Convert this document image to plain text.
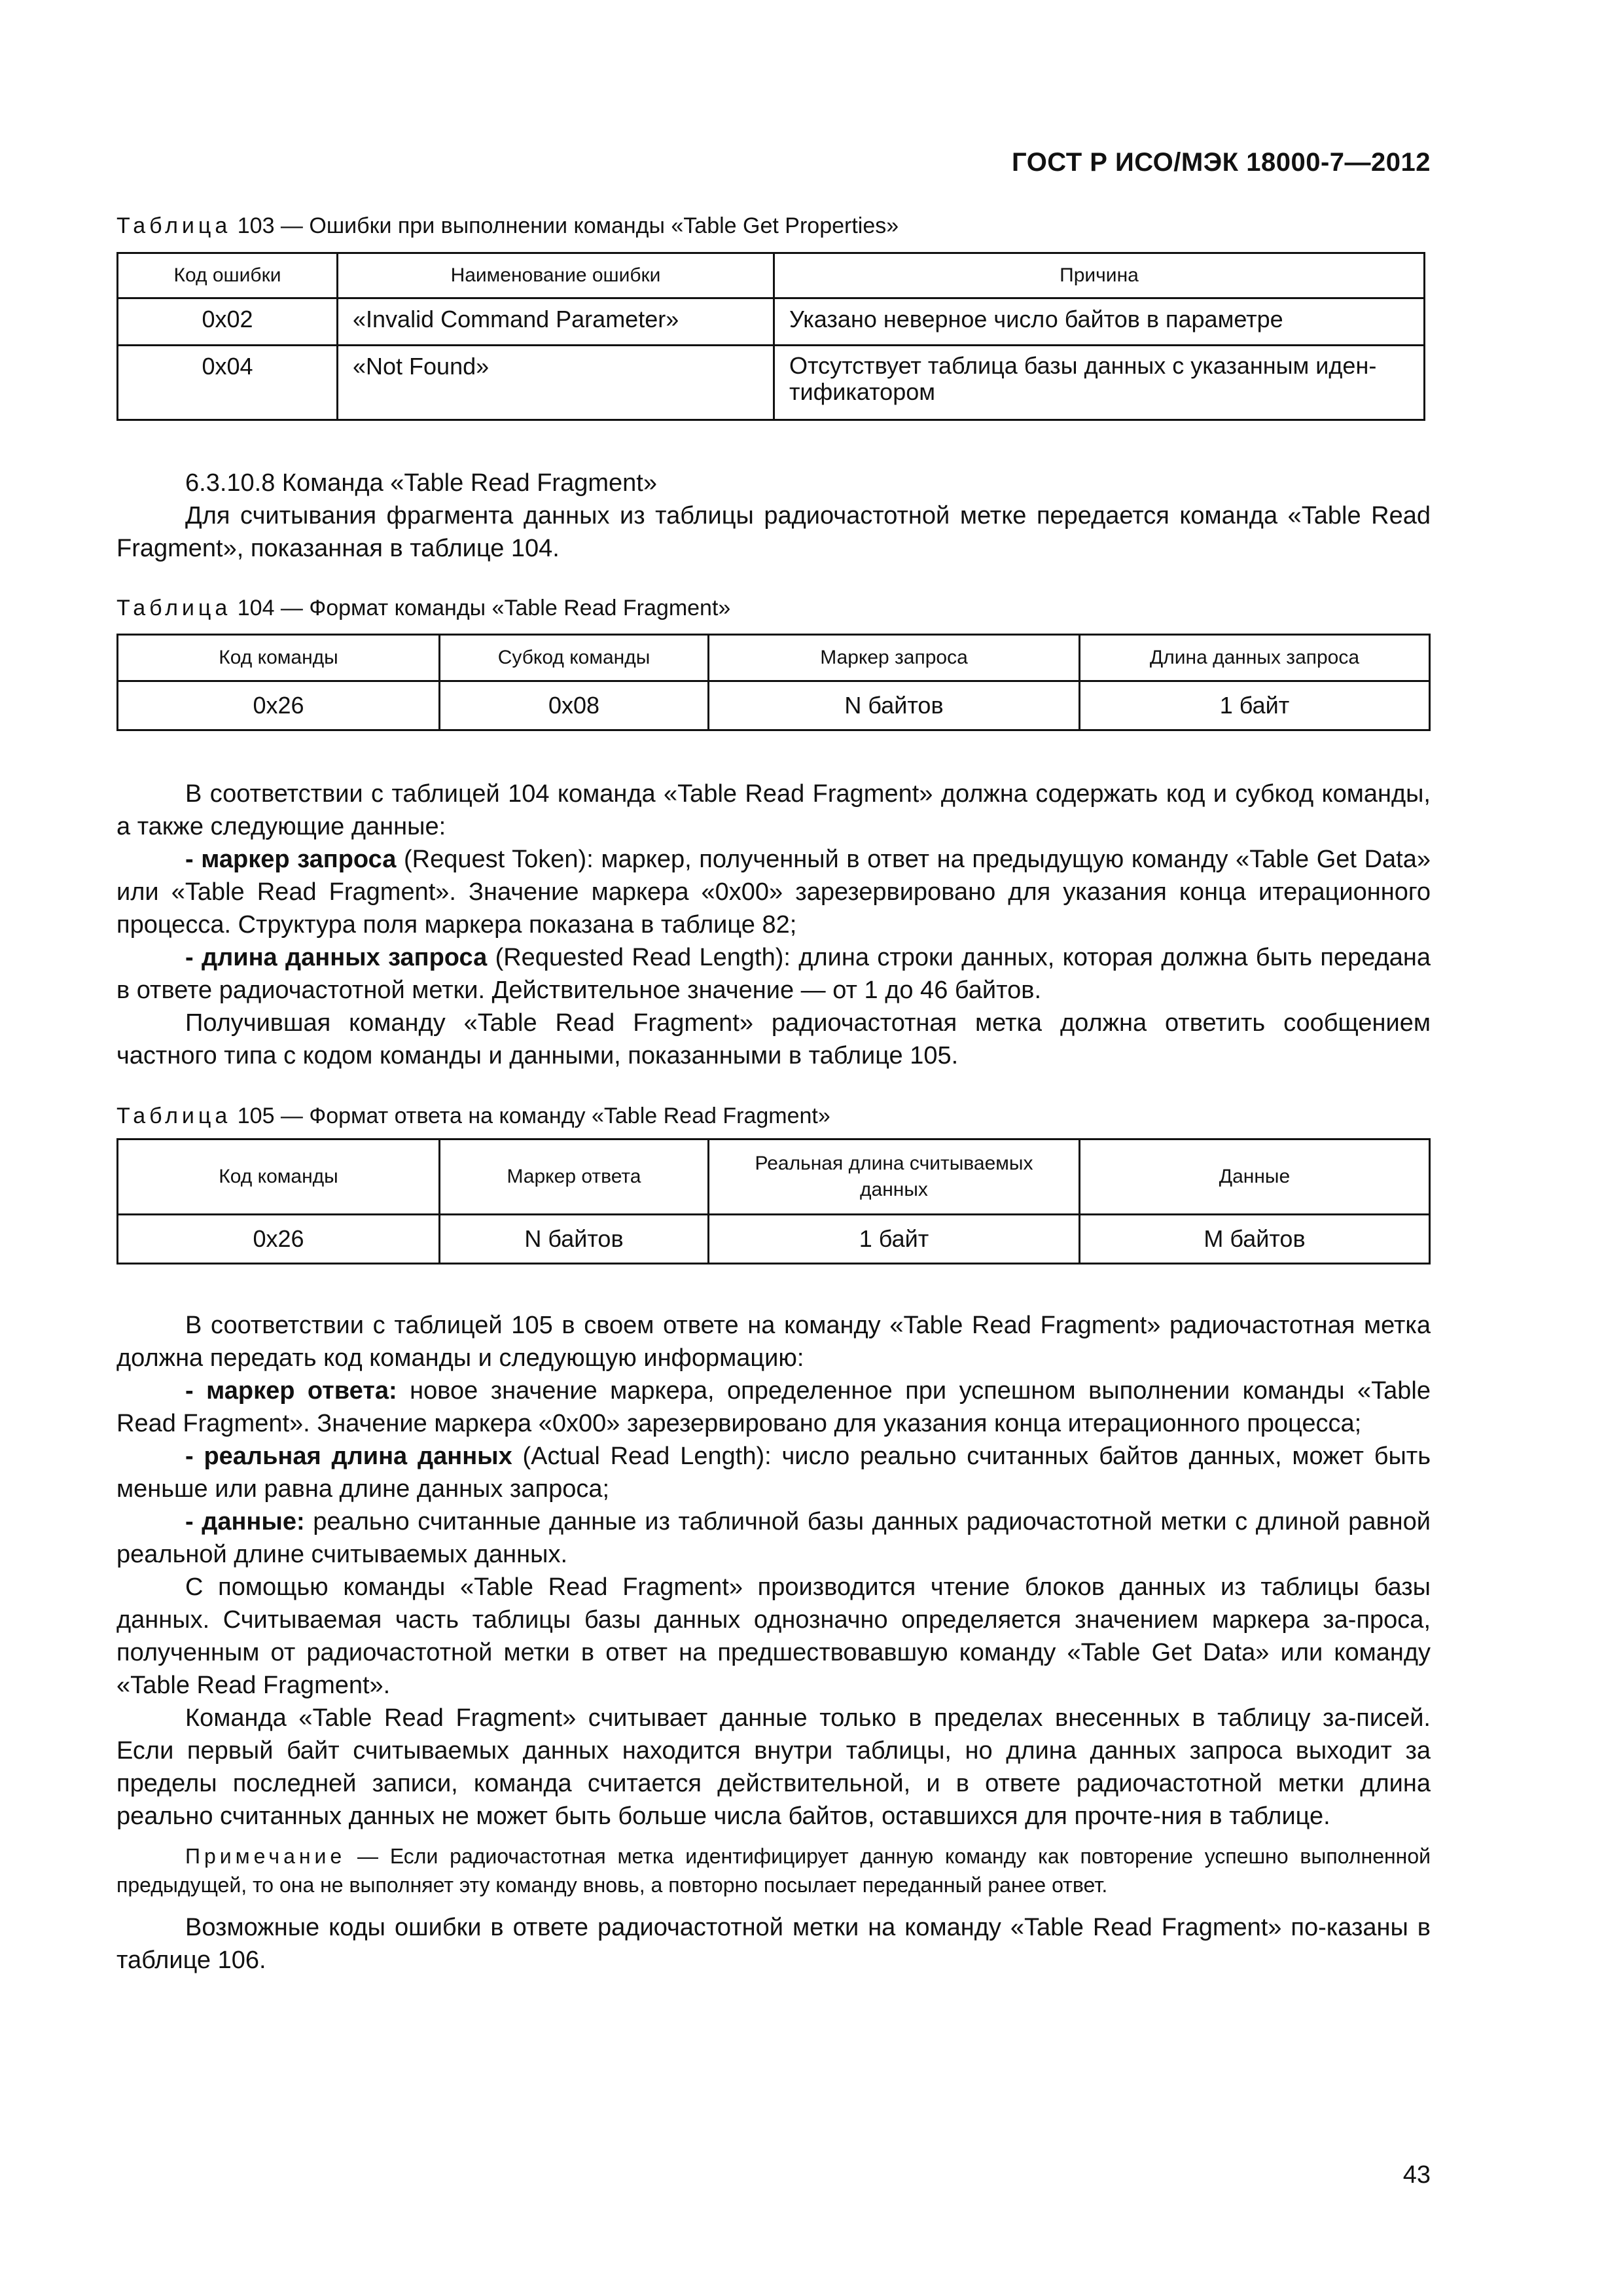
ГОСТ Р ИСО/МЭК 18000-7—2012
Таблица 103 — Ошибки при выполнении команды «Table Get Properties»
Код ошибки	Наименование ошибки	Причина
0x02	«Invalid Command Parameter»	Указано неверное число байтов в параметре
0x04	«Not Found»	Отсутствует таблица базы данных с указанным иден-тификатором

6.3.10.8 Команда «Table Read Fragment»

Для считывания фрагмента данных из таблицы радиочастотной метке передается команда «Table Read Fragment», показанная в таблице 104.

Таблица 104 — Формат команды «Table Read Fragment»
Код команды	Субкод команды	Маркер запроса	Длина данных запроса
0x26	0x08	N байтов	1 байт

В соответствии с таблицей 104 команда «Table Read Fragment» должна содержать код и субкод команды, а также следующие данные:

- маркер запроса (Request Token): маркер, полученный в ответ на предыдущую команду «Table Get Data» или «Table Read Fragment». Значение маркера «0x00» зарезервировано для указания конца итерационного процесса. Структура поля маркера показана в таблице 82;

- длина данных запроса (Requested Read Length): длина строки данных, которая должна быть передана в ответе радиочастотной метки. Действительное значение — от 1 до 46 байтов.

Получившая команду «Table Read Fragment» радиочастотная метка должна ответить сообщением частного типа с кодом команды и данными, показанными в таблице 105.

Таблица 105 — Формат ответа на команду «Table Read Fragment»
Код команды	Маркер ответа	Реальная длина считываемых данных	Данные
0x26	N байтов	1 байт	M байтов

В соответствии с таблицей 105 в своем ответе на команду «Table Read Fragment» радиочастотная метка должна передать код команды и следующую информацию:

- маркер ответа: новое значение маркера, определенное при успешном выполнении команды «Table Read Fragment». Значение маркера «0x00» зарезервировано для указания конца итерационного процесса;

- реальная длина данных (Actual Read Length): число реально считанных байтов данных, может быть меньше или равна длине данных запроса;

- данные: реально считанные данные из табличной базы данных радиочастотной метки с длиной равной реальной длине считываемых данных.

С помощью команды «Table Read Fragment» производится чтение блоков данных из таблицы базы данных. Считываемая часть таблицы базы данных однозначно определяется значением маркера за-проса, полученным от радиочастотной метки в ответ на предшествовавшую команду «Table Get Data» или команду «Table Read Fragment».

Команда «Table Read Fragment» считывает данные только в пределах внесенных в таблицу за-писей. Если первый байт считываемых данных находится внутри таблицы, но длина данных запроса выходит за пределы последней записи, команда считается действительной, и в ответе радиочастотной метки длина реально считанных данных не может быть больше числа байтов, оставшихся для прочте-ния в таблице.

Примечание — Если радиочастотная метка идентифицирует данную команду как повторение успешно выполненной предыдущей, то она не выполняет эту команду вновь, а повторно посылает переданный ранее ответ.

Возможные коды ошибки в ответе радиочастотной метки на команду «Table Read Fragment» по-казаны в таблице 106.

43
